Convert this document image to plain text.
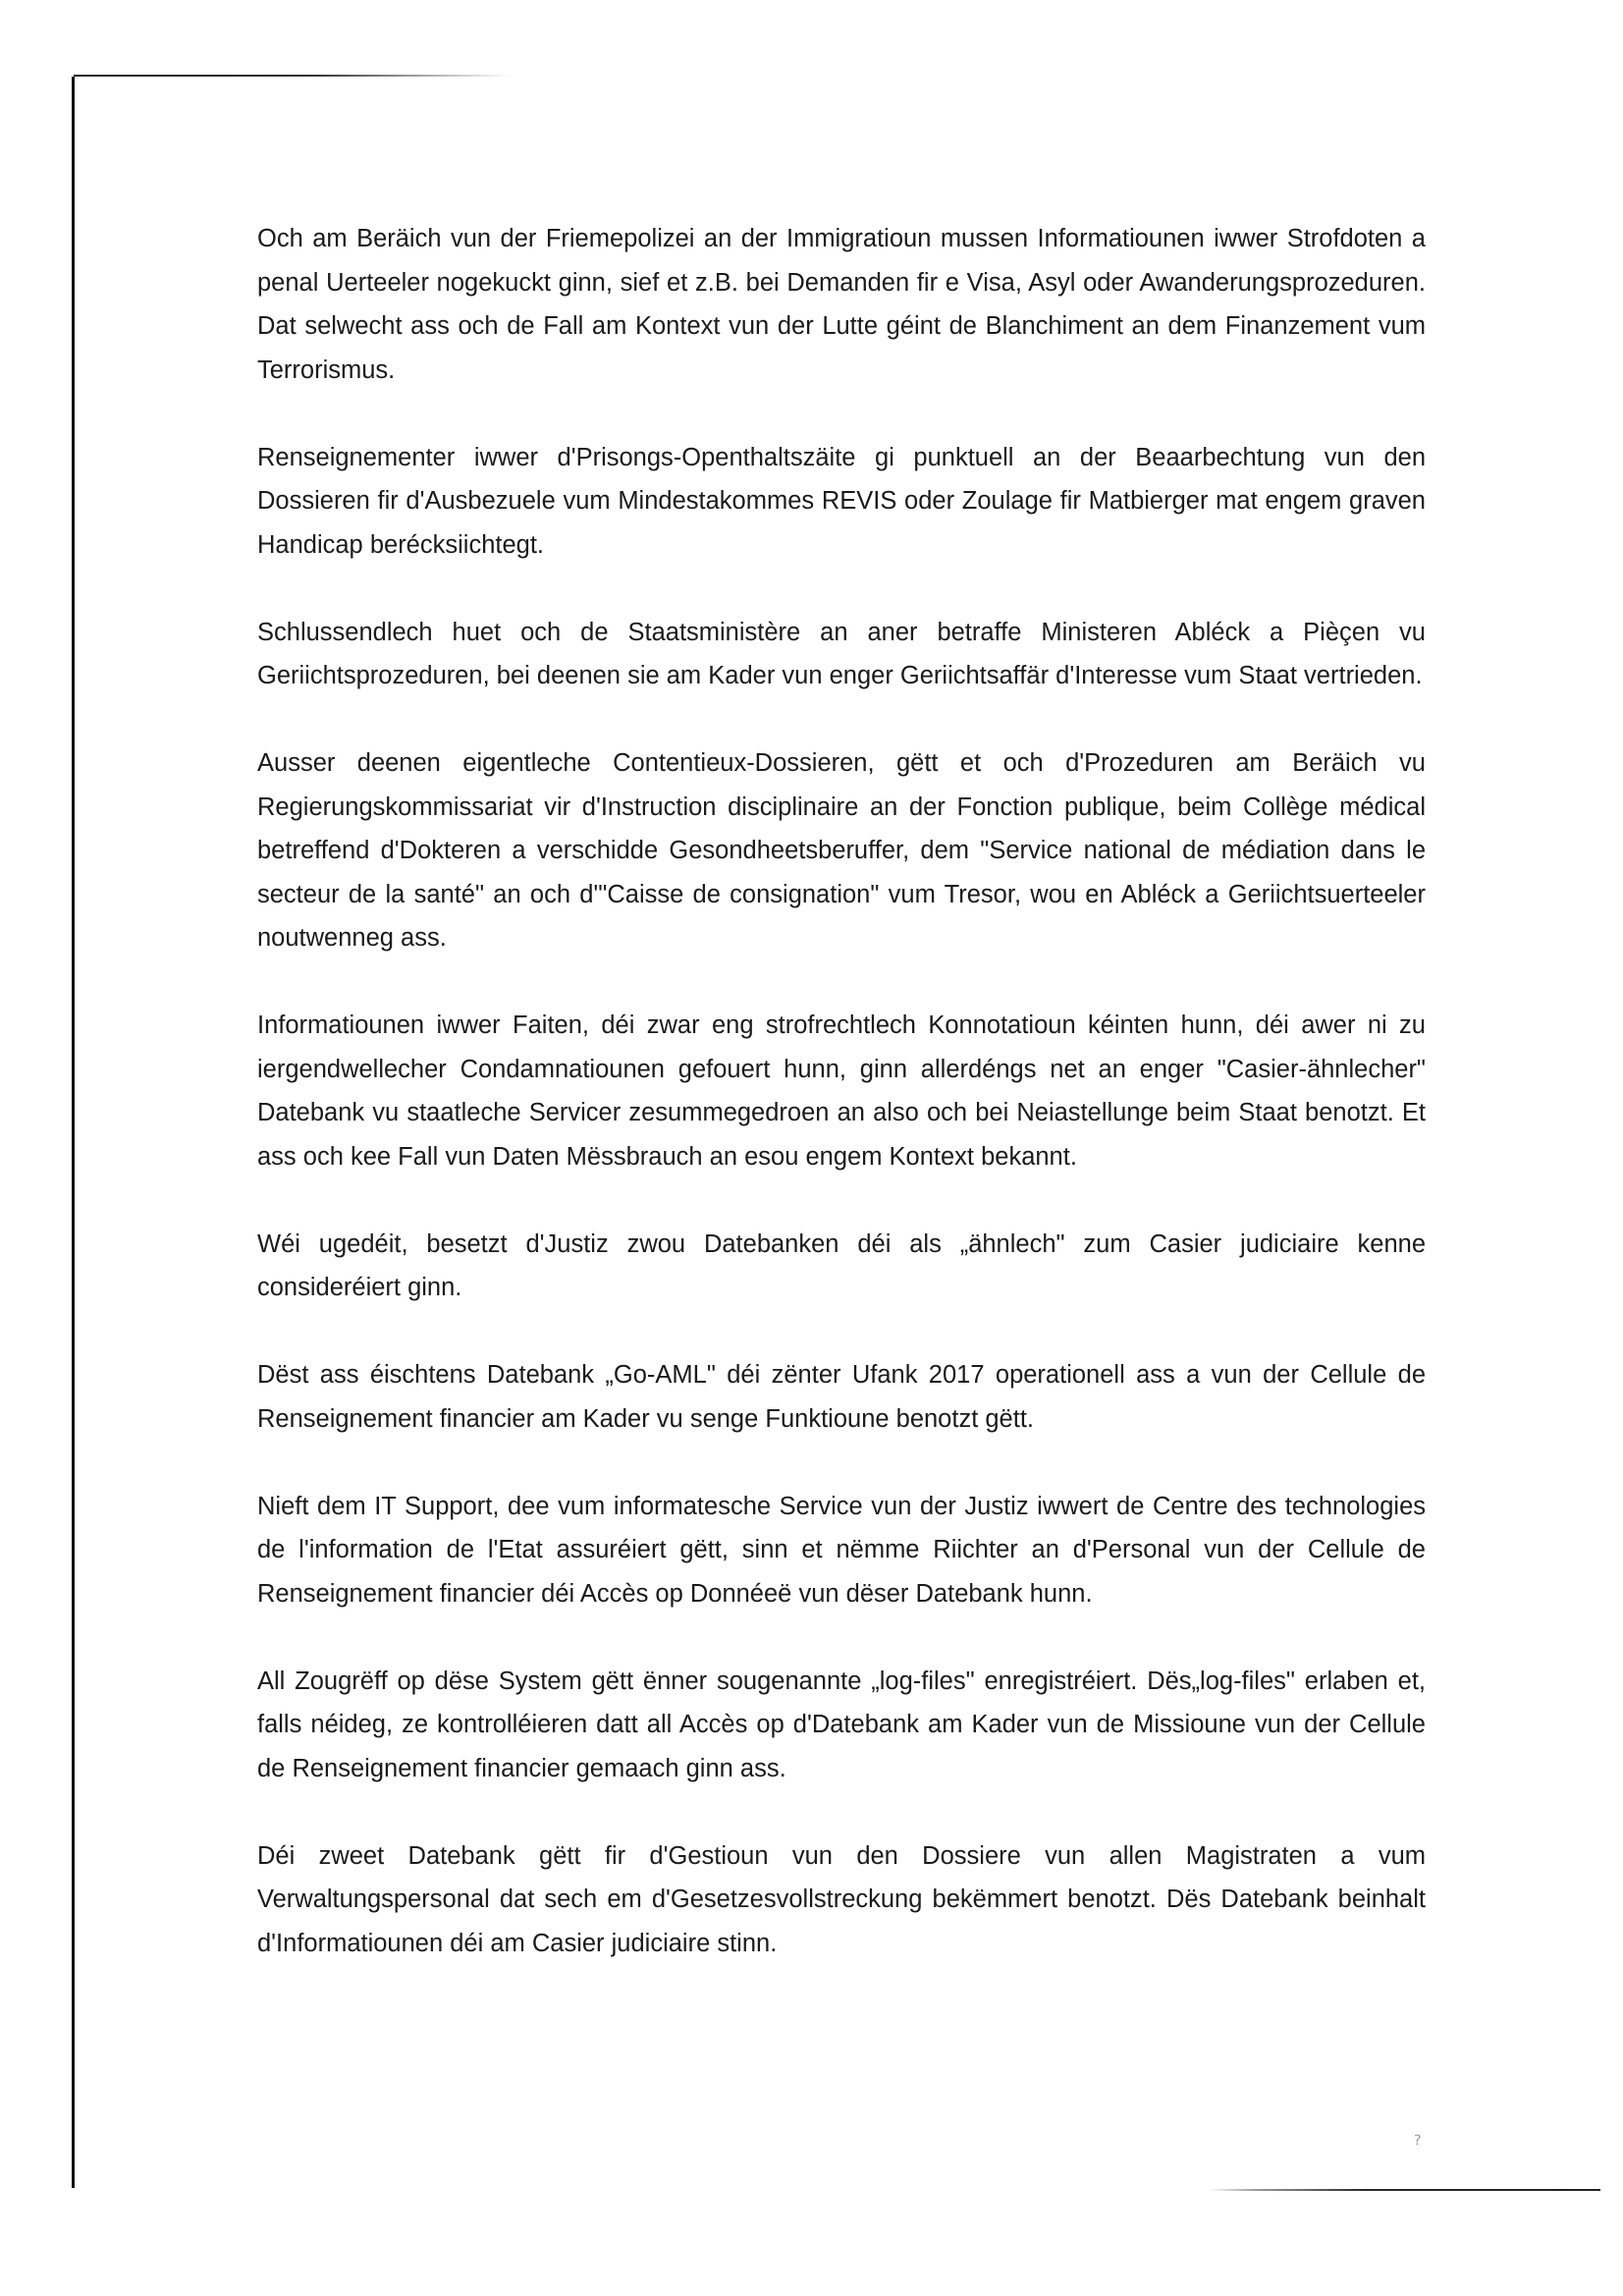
Och am Beräich vun der Friemepolizei an der Immigratioun mussen Informatiounen iwwer Strofdoten a penal Uerteeler nogekuckt ginn, sief et z.B. bei Demanden fir e Visa, Asyl oder Awanderungsprozeduren. Dat selwecht ass och de Fall am Kontext vun der Lutte géint de Blanchiment an dem Finanzement vum Terrorismus.

Renseignementer iwwer d'Prisongs-Openthaltszäite gi punktuell an der Beaarbechtung vun den Dossieren fir d'Ausbezuele vum Mindestakommes REVIS oder Zoulage fir Matbierger mat engem graven Handicap berécksiichtegt.

Schlussendlech huet och de Staatsministère an aner betraffe Ministeren Abléck a Pièçen vu Geriichtsprozeduren, bei deenen sie am Kader vun enger Geriichtsaffär d'Interesse vum Staat vertrieden.

Ausser deenen eigentleche Contentieux-Dossieren, gëtt et och d'Prozeduren am Beräich vu Regierungskommissariat vir d'Instruction disciplinaire an der Fonction publique, beim Collège médical betreffend d'Dokteren a verschidde Gesondheetsberuffer, dem "Service national de médiation dans le secteur de la santé" an och d'"Caisse de consignation" vum Tresor, wou en Abléck a Geriichtsuerteeler noutwenneg ass.

Informatiounen iwwer Faiten, déi zwar eng strofrechtlech Konnotatioun kéinten hunn, déi awer ni zu iergendwellecher Condamnatiounen gefouert hunn, ginn allerdéngs net an enger "Casier-ähnlecher" Datebank vu staatleche Servicer zesummegedroen an also och bei Neiastellunge beim Staat benotzt. Et ass och kee Fall vun Daten Mëssbrauch an esou engem Kontext bekannt.

Wéi ugedéit, besetzt d'Justiz zwou Datebanken déi als „ähnlech" zum Casier judiciaire kenne consideréiert ginn.

Dëst ass éischtens Datebank „Go-AML" déi zënter Ufank 2017 operationell ass a vun der Cellule de Renseignement financier am Kader vu senge Funktioune benotzt gëtt.

Nieft dem IT Support, dee vum informatesche Service vun der Justiz iwwert de Centre des technologies de l'information de l'Etat assuréiert gëtt, sinn et nëmme Riichter an d'Personal vun der Cellule de Renseignement financier déi Accès op Donnéeë vun dëser Datebank hunn.

All Zougrëff op dëse System gëtt ënner sougenannte „log-files" enregistréiert. Dës„log-files" erlaben et, falls néideg, ze kontrolléieren datt all Accès op d'Datebank am Kader vun de Missioune vun der Cellule de Renseignement financier gemaach ginn ass.

Déi zweet Datebank gëtt fir d'Gestioun vun den Dossiere vun allen Magistraten a vum Verwaltungspersonal dat sech em d'Gesetzesvollstreckung bekëmmert benotzt. Dës Datebank beinhalt d'Informatiounen déi am Casier judiciaire stinn.

?
